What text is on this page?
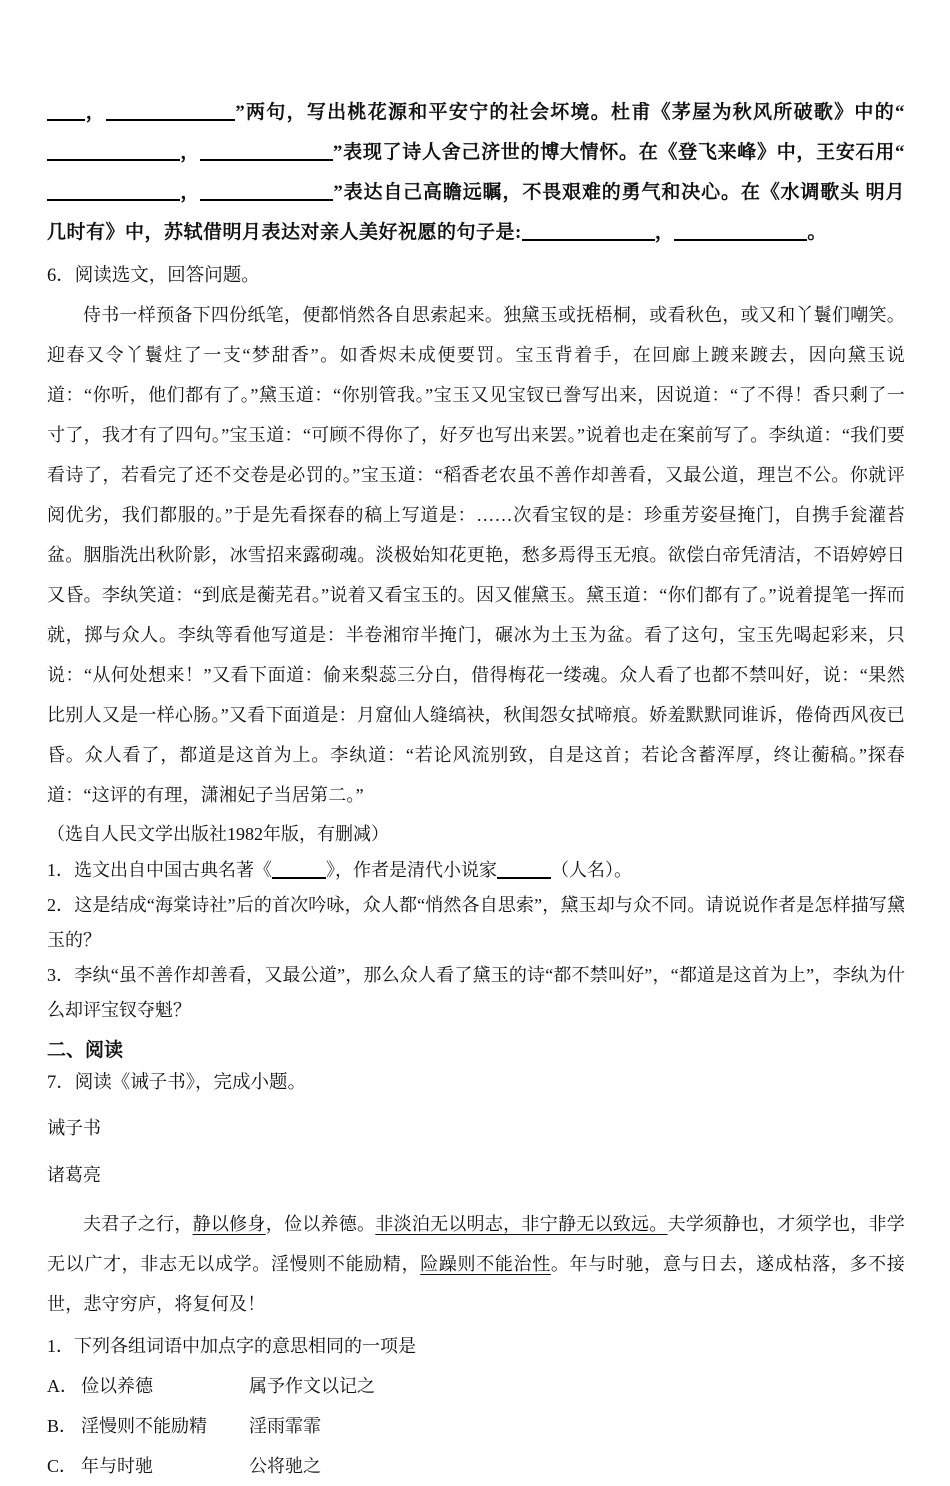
，	”两句，写出桃花源和平安宁的社会坏境。杜甫《茅屋为秋风所破歌》中的“，	”表现了诗人舍己济世的博大情怀。在《登飞来峰》中，王安石用“，	”表达自己高瞻远瞩，不畏艰难的勇气和决心。在《水调歌头 明月几时有》中，苏轼借明月表达对亲人美好祝愿的句子是:	，	。

6．阅读选文，回答问题。

侍书一样预备下四份纸笔，便都悄然各自思索起来。独黛玉或抚梧桐，或看秋色，或又和丫鬟们嘲笑。迎春又令丫鬟炷了一支“梦甜香”。如香烬未成便要罚。宝玉背着手，在回廊上踱来踱去，因向黛玉说道：“你听，他们都有了。”黛玉道：“你别管我。”宝玉又见宝钗已誊写出来，因说道：“了不得！香只剩了一寸了，我才有了四句。”宝玉道：“可顾不得你了，好歹也写出来罢。”说着也走在案前写了。李纨道：“我们要看诗了，若看完了还不交卷是必罚的。”宝玉道：“稻香老农虽不善作却善看，又最公道，理岂不公。你就评阅优劣，我们都服的。”于是先看探春的稿上写道是：……次看宝钗的是：珍重芳姿昼掩门，自携手瓮灌苔盆。胭脂洗出秋阶影，冰雪招来露砌魂。淡极始知花更艳，愁多焉得玉无痕。欲偿白帝凭清洁，不语婷婷日又昏。李纨笑道：“到底是蘅芜君。”说着又看宝玉的。因又催黛玉。黛玉道：“你们都有了。”说着提笔一挥而就，掷与众人。李纨等看他写道是：半卷湘帘半掩门，碾冰为土玉为盆。看了这句，宝玉先喝起彩来，只说：“从何处想来！”又看下面道：偷来梨蕊三分白，借得梅花一缕魂。众人看了也都不禁叫好，说：“果然比别人又是一样心肠。”又看下面道是：月窟仙人缝缟袂，秋闺怨女拭啼痕。娇羞默默同谁诉，倦倚西风夜已昏。众人看了，都道是这首为上。李纨道：“若论风流别致，自是这首；若论含蓄浑厚，终让蘅稿。”探春道：“这评的有理，潇湘妃子当居第二。”

（选自人民文学出版社1982年版，有删减）

1．选文出自中国古典名著《	》，作者是清代小说家	（人名）。

2．这是结成“海棠诗社”后的首次吟咏，众人都“悄然各自思索”，黛玉却与众不同。请说说作者是怎样描写黛玉的？

3．李纨“虽不善作却善看，又最公道”，那么众人看了黛玉的诗“都不禁叫好”，“都道是这首为上”，李纨为什么却评宝钗夺魁？

二、阅读

7．阅读《诫子书》，完成小题。

诫子书

诸葛亮

夫君子之行，静以修身，俭以养德。非淡泊无以明志，非宁静无以致远。夫学须静也，才须学也，非学无以广才，非志无以成学。淫慢则不能励精，险躁则不能治性。年与时驰，意与日去，遂成枯落，多不接世，悲守穷庐，将复何及！

1．下列各组词语中加点字的意思相同的一项是

A． 俭以养德	属予作文以记之
B． 淫慢则不能励精	淫雨霏霏
C． 年与时驰	公将驰之
